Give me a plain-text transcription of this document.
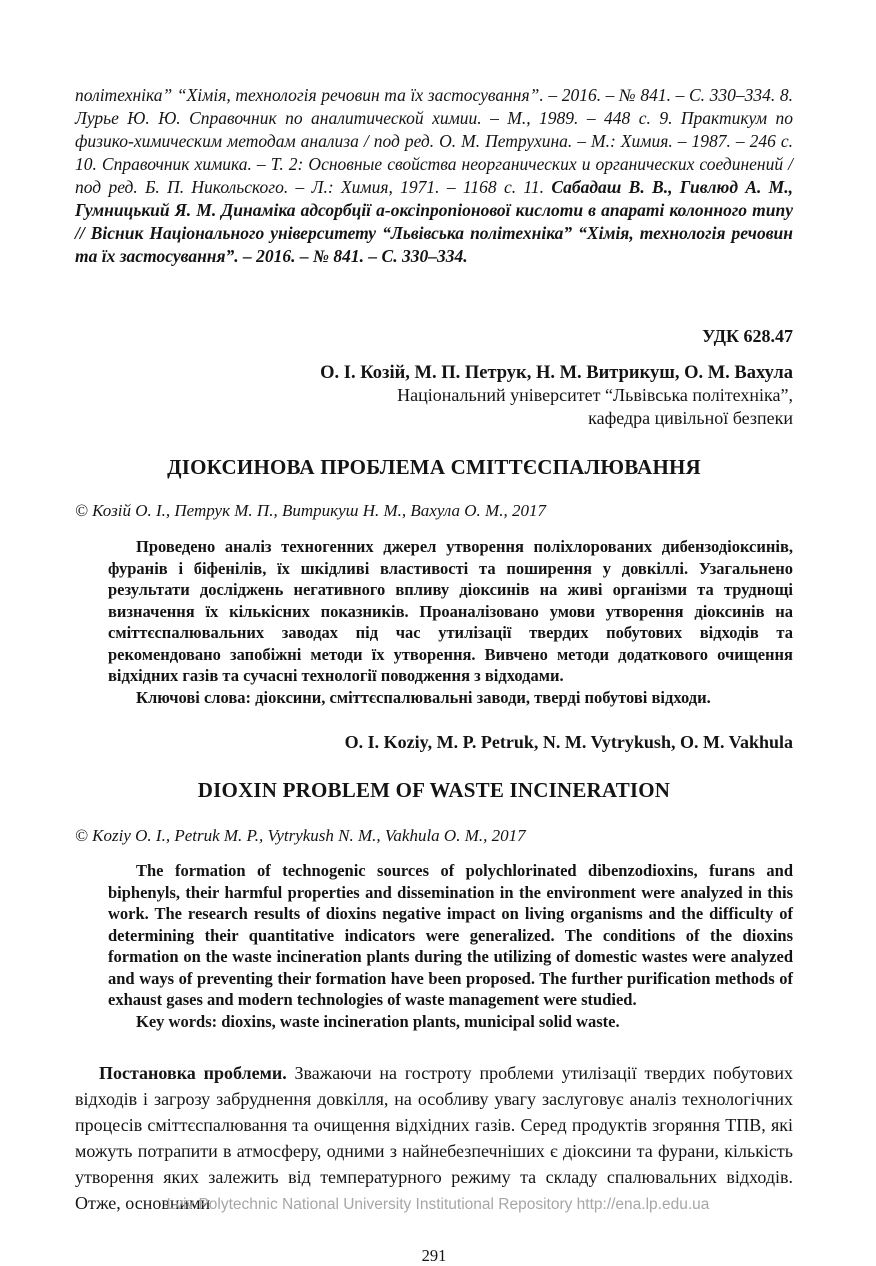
політехніка” “Хімія, технологія речовин та їх застосування”. – 2016. – № 841. – С. 330–334. 8. Лурье Ю. Ю. Справочник по аналитической химии. – М., 1989. – 448 с. 9. Практикум по физико-химическим методам анализа / под ред. О. М. Петрухина. – М.: Химия. – 1987. – 246 с. 10. Справочник химика. – Т. 2: Основные свойства неорганических и органических соединений / под ред. Б. П. Никольского. – Л.: Химия, 1971. – 1168 с. 11. Сабадаш В. В., Гивлюд А. М., Гумницький Я. М. Динаміка адсорбції а-оксіпропіонової кислоти в апараті колонного типу // Вісник Національного університету “Львівська політехніка” “Хімія, технологія речовин та їх застосування”. – 2016. – № 841. – С. 330–334.

УДК 628.47

О. І. Козій, М. П. Петрук, Н. М. Витрикуш, О. М. Вахула

Національний університет “Львівська політехніка”,

кафедра цивільної безпеки

ДІОКСИНОВА ПРОБЛЕМА СМІТТЄСПАЛЮВАННЯ

© Козій О. І., Петрук М. П., Витрикуш Н. М., Вахула О. М., 2017

Проведено аналіз техногенних джерел утворення поліхлорованих дибензодіоксинів, фуранів і біфенілів, їх шкідливі властивості та поширення у довкіллі. Узагальнено результати досліджень негативного впливу діоксинів на живі організми та труднощі визначення їх кількісних показників. Проаналізовано умови утворення діоксинів на сміттєспалювальних заводах під час утилізації твердих побутових відходів та рекомендовано запобіжні методи їх утворення. Вивчено методи додаткового очищення відхідних газів та сучасні технології поводження з відходами.

Ключові слова: діоксини, сміттєспалювальні заводи, тверді побутові відходи.

O. I. Koziy, M. P. Petruk, N. M. Vytrykush, O. M. Vakhula

DIOXIN PROBLEM OF WASTE INCINERATION

© Koziy O. I., Petruk M. P., Vytrykush N. M., Vakhula O. M., 2017

The formation of technogenic sources of polychlorinated dibenzodioxins, furans and biphenyls, their harmful properties and dissemination in the environment were analyzed in this work. The research results of dioxins negative impact on living organisms and the difficulty of determining their quantitative indicators were generalized. The conditions of the dioxins formation on the waste incineration plants during the utilizing of domestic wastes were analyzed and ways of preventing their formation have been proposed. The further purification methods of exhaust gases and modern technologies of waste management were studied.

Key words: dioxins, waste incineration plants, municipal solid waste.

Постановка проблеми. Зважаючи на гостроту проблеми утилізації твердих побутових відходів і загрозу забруднення довкілля, на особливу увагу заслуговує аналіз технологічних процесів сміттєспалювання та очищення відхідних газів. Серед продуктів згоряння ТПВ, які можуть потрапити в атмосферу, одними з найнебезпечніших є діоксини та фурани, кількість утворення яких залежить від температурного режиму та складу спалювальних відходів. Отже, основними

291
Lviv Polytechnic National University Institutional Repository http://ena.lp.edu.ua
